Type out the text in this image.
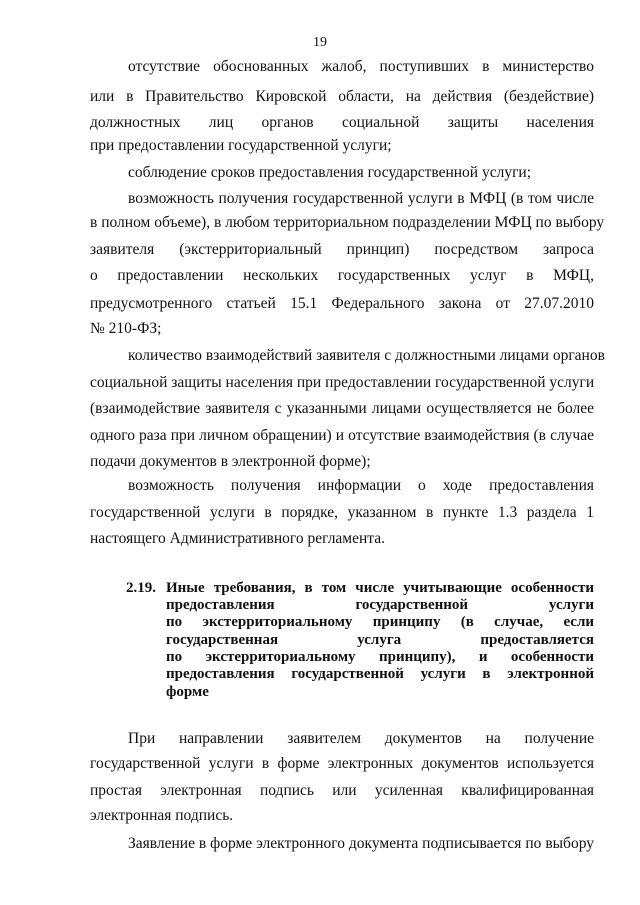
19
отсутствие обоснованных жалоб, поступивших в министерство
или в Правительство Кировской области, на действия (бездействие)
должностных лиц органов социальной защиты населения
при предоставлении государственной услуги;
соблюдение сроков предоставления государственной услуги;
возможность получения государственной услуги в МФЦ (в том числе
в полном объеме), в любом территориальном подразделении МФЦ по выбору
заявителя (экстерриториальный принцип) посредством запроса
о предоставлении нескольких государственных услуг в МФЦ,
предусмотренного статьей 15.1 Федерального закона от 27.07.2010
№ 210-ФЗ;
количество взаимодействий заявителя с должностными лицами органов
социальной защиты населения при предоставлении государственной услуги
(взаимодействие заявителя с указанными лицами осуществляется не более
одного раза при личном обращении) и отсутствие взаимодействия (в случае
подачи документов в электронной форме);
возможность получения информации о ходе предоставления
государственной услуги в порядке, указанном в пункте 1.3 раздела 1
настоящего Административного регламента.
2.19. Иные требования, в том числе учитывающие особенности
предоставления государственной услуги
по экстерриториальному принципу (в случае, если
государственная услуга предоставляется
по экстерриториальному принципу), и особенности
предоставления государственной услуги в электронной
форме
При направлении заявителем документов на получение
государственной услуги в форме электронных документов используется
простая электронная подпись или усиленная квалифицированная
электронная подпись.
Заявление в форме электронного документа подписывается по выбору
